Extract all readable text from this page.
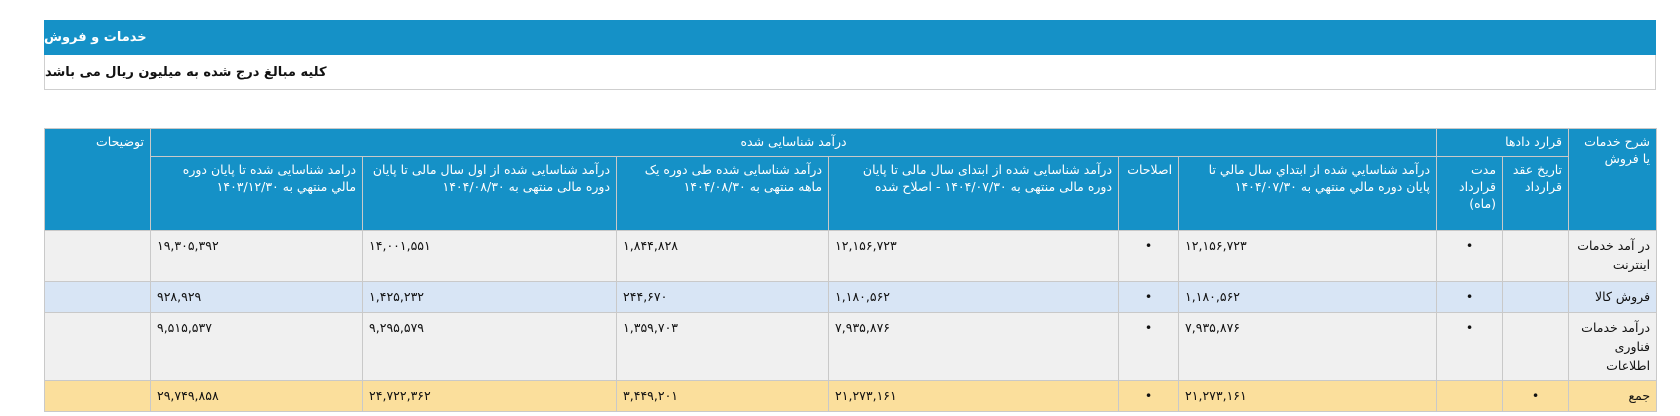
خدمات و فروش
کلیه مبالغ درج شده به میلیون ریال می باشد
شرح خدمات یا فروش	قرارد دادها		درآمد شناسایی شده						توضیحات
	تاریخ عقد قرارداد	مدت قرارداد (ماه)	درآمد شناسايي شده از ابتداي سال مالي تا پایان دوره مالي منتهي به ۱۴۰۴/۰۷/۳۰	اصلاحات	درآمد شناسایی شده از ابتدای سال مالی تا پایان دوره مالی منتهی به ۱۴۰۴/۰۷/۳۰ - اصلاح شده	درآمد شناسایی شده طی دوره یک ماهه منتهی به ۱۴۰۴/۰۸/۳۰	درآمد شناسایی شده از اول سال مالی تا پایان دوره مالی منتهی به ۱۴۰۴/۰۸/۳۰	درامد شناسایی شده تا پایان دوره مالي منتهي به ۱۴۰۳/۱۲/۳۰	
در آمد خدمات اینترنت		•	۱۲,۱۵۶,۷۲۳	•	۱۲,۱۵۶,۷۲۳	۱,۸۴۴,۸۲۸	۱۴,۰۰۱,۵۵۱	۱۹,۳۰۵,۳۹۲	
فروش کالا		•	۱,۱۸۰,۵۶۲	•	۱,۱۸۰,۵۶۲	۲۴۴,۶۷۰	۱,۴۲۵,۲۳۲	۹۲۸,۹۲۹	
درآمد خدمات فناوری اطلاعات		•	۷,۹۳۵,۸۷۶	•	۷,۹۳۵,۸۷۶	۱,۳۵۹,۷۰۳	۹,۲۹۵,۵۷۹	۹,۵۱۵,۵۳۷	
جمع	•		۲۱,۲۷۳,۱۶۱	•	۲۱,۲۷۳,۱۶۱	۳,۴۴۹,۲۰۱	۲۴,۷۲۲,۳۶۲	۲۹,۷۴۹,۸۵۸	
